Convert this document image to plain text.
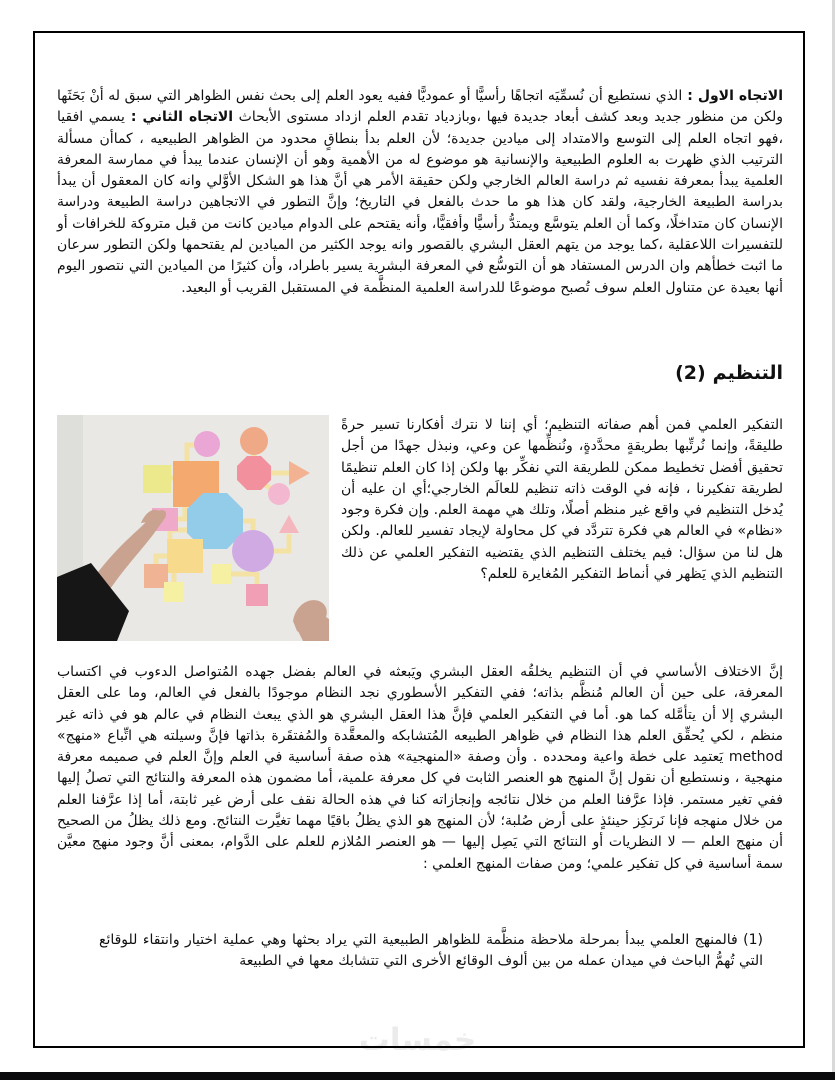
خمسات
الاتجاه الاول : الذي نستطيع أن نُسمِّيَه اتجاهًا رأسيًّا أو عموديًّا ففيه يعود العلم إلى بحث نفس الظواهر التي سبق له أنْ بَحَثَها ولكن من منظور جديد وبعد كشف أبعاد جديدة فيها ،وبازدياد تقدم العلم ازداد مستوى الأبحاث الاتجاه الثاني : يسمي افقيا ،فهو اتجاه العلم إلى التوسع والامتداد إلى ميادين جديدة؛ لأن العلم بدأ بنطاقٍ محدود من الظواهر الطبيعيه ، كماأن مسألة الترتيب الذي ظهرت به العلوم الطبيعية والإنسانية هو موضوع له من الأهمية وهو أن الإنسان عندما يبدأ في ممارسة المعرفة العلمية يبدأ بمعرفة نفسيه ثم دراسة العالم الخارجي ولكن حقيقة الأمر هي أنَّ هذا هو الشكل الأوَّلي وانه كان المعقول أن يبدأ بدراسة الطبيعة الخارجية، ولقد كان هذا هو ما حدث بالفعل في التاريخ؛ وإنَّ التطور في الاتجاهين دراسة الطبيعة ودراسة الإنسان كان متداخلًا، وكما أن العلم يتوسَّع ويمتدُّ رأسيًّا وأفقيًّا، وأنه يقتحم على الدوام ميادين كانت من قبل متروكة للخرافات أو للتفسيرات اللاعقلية ،كما يوجد من يتهم العقل البشري بالقصور وانه يوجد الكثير من الميادين لم يقتحمها ولكن التطور سرعان ما اثبت خطأهم وان الدرس المستفاد هو أن التوسُّع في المعرفة البشرية يسير باطراد، وأن كثيرًا من الميادين التي نتصور اليوم أنها بعيدة عن متناول العلم سوف تُصبح موضوعًا للدراسة العلمية المنظَّمة في المستقبل القريب أو البعيد.
(2) التنظيم
التفكير العلمي فمن أهم صفاته التنظيم؛ أي إننا لا نترك أفكارنا تسير حرةً طليقةً، وإنما نُرتِّبها بطريقةٍ محدَّدةٍ، ونُنظِّمها عن وعي، ونبذل جهدًا من أجل تحقيق أفضل تخطيط ممكن للطريقة التي نفكِّر بها ولكن إذا كان العلم تنظيمًا لطريقة تفكيرنا ، فإنه في الوقت ذاته تنظيم للعالَم الخارجي؛أي ان عليه أن يُدخل التنظيم في واقع غير منظم أصلًا، وتلك هي مهمة العلم. وإن فكرة وجود «نظام» في العالم هي فكرة تتردَّد في كل محاولة لإيجاد تفسير للعالم. ولكن هل لنا من سؤال: فيم يختلف التنظيم الذي يقتضيه التفكير العلمي عن ذلك التنظيم الذي يَظهر في أنماط التفكير المُغايرة للعلم؟
إنَّ الاختلاف الأساسي في أن التنظيم يخلقُه العقل البشري ويَبعثه في العالم بفضل جهده المُتواصل الدءوب في اكتساب المعرفة، على حين أن العالم مُنظَّم بذاته؛ ففي التفكير الأسطوري نجد النظام موجودًا بالفعل في العالم، وما على العقل البشري إلا أن يتأمَّله كما هو. أما في التفكير العلمي فإنَّ هذا العقل البشري هو الذي يبعث النظام في عالم هو في ذاته غير منظم ، لكي يُحقِّق العلم هذا النظام في ظواهر الطبيعه المُتشابكه والمعقَّدة والمُفتقَرة بذاتها فإنَّ وسيلته هي اتِّباع «منهج» method يَعتمِد على خطة واعية ومحدده . وأن وصفة «المنهجية» هذه صفة أساسية في العلم وإنَّ العلم في صميمه معرفة منهجية ، ونستطيع أن نقول إنَّ المنهج هو العنصر الثابت في كل معرفة علمية، أما مضمون هذه المعرفة والنتائج التي تصلُ إليها ففي تغير مستمر. فإذا عرَّفنا العلم من خلال نتائجه وإنجازاته كنا في هذه الحالة نقف على أرض غير ثابتة، أما إذا عرَّفنا العلم من خلال منهجه فإنا نَرتكِز حينئذٍ على أرض صُلبة؛ لأن المنهج هو الذي يظلُ باقيًا مهما تغيَّرت النتائج. ومع ذلك يظلُ من الصحيح أن منهج العلم — لا النظريات أو النتائج التي يَصِل إليها — هو العنصر المُلازم للعلم على الدَّوام، بمعنى أنَّ وجود منهج معيَّن سمة أساسية في كل تفكير علمي؛ ومن صفات المنهج العلمي :
(1) فالمنهج العلمي يبدأ بمرحلة ملاحظة منظَّمة للظواهر الطبيعية التي يراد بحثها وهي عملية اختيار وانتقاء للوقائع التي تُهمُّ الباحث في ميدان عمله من بين ألوف الوقائع الأخرى التي تتشابك معها في الطبيعة
